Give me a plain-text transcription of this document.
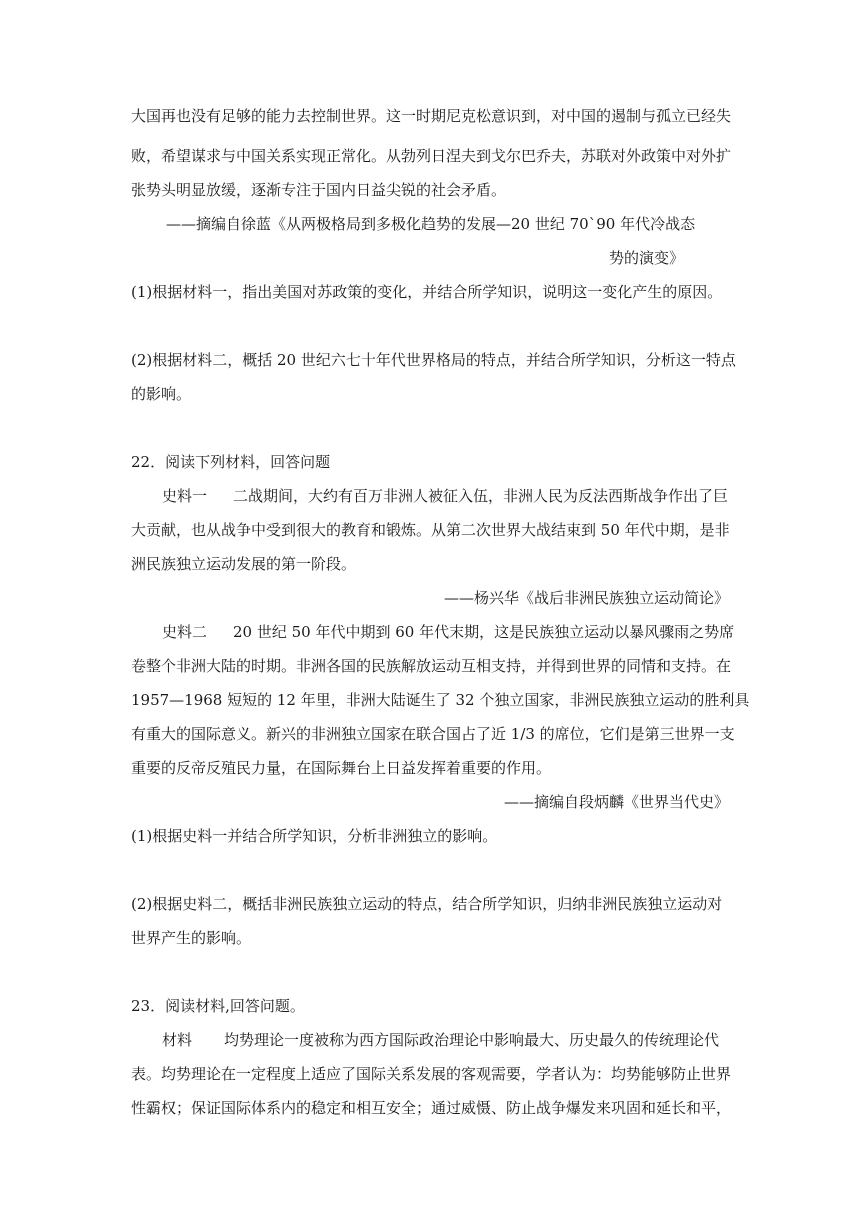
大国再也没有足够的能力去控制世界。这一时期尼克松意识到，对中国的遏制与孤立已经失
败，希望谋求与中国关系实现正常化。从勃列日涅夫到戈尔巴乔夫，苏联对外政策中对外扩
张势头明显放缓，逐渐专注于国内日益尖锐的社会矛盾。
——摘编自徐蓝《从两极格局到多极化趋势的发展—20 世纪 70`90 年代冷战态
势的演变》
(1)根据材料一，指出美国对苏政策的变化，并结合所学知识，说明这一变化产生的原因。
(2)根据材料二，概括 20 世纪六七十年代世界格局的特点，并结合所学知识，分析这一特点
的影响。
22．阅读下列材料，回答问题
史料一 二战期间，大约有百万非洲人被征入伍，非洲人民为反法西斯战争作出了巨
大贡献，也从战争中受到很大的教育和锻炼。从第二次世界大战结束到 50 年代中期，是非
洲民族独立运动发展的第一阶段。
——杨兴华《战后非洲民族独立运动简论》
史料二 20 世纪 50 年代中期到 60 年代末期，这是民族独立运动以暴风骤雨之势席
卷整个非洲大陆的时期。非洲各国的民族解放运动互相支持，并得到世界的同情和支持。在
1957—1968 短短的 12 年里，非洲大陆诞生了 32 个独立国家，非洲民族独立运动的胜利具
有重大的国际意义。新兴的非洲独立国家在联合国占了近 1/3 的席位，它们是第三世界一支
重要的反帝反殖民力量，在国际舞台上日益发挥着重要的作用。
——摘编自段炳麟《世界当代史》
(1)根据史料一并结合所学知识，分析非洲独立的影响。
(2)根据史料二，概括非洲民族独立运动的特点，结合所学知识，归纳非洲民族独立运动对
世界产生的影响。
23．阅读材料,回答问题。
材料 均势理论一度被称为西方国际政治理论中影响最大、历史最久的传统理论代
表。均势理论在一定程度上适应了国际关系发展的客观需要，学者认为：均势能够防止世界
性霸权；保证国际体系内的稳定和相互安全；通过威慑、防止战争爆发来巩固和延长和平，
